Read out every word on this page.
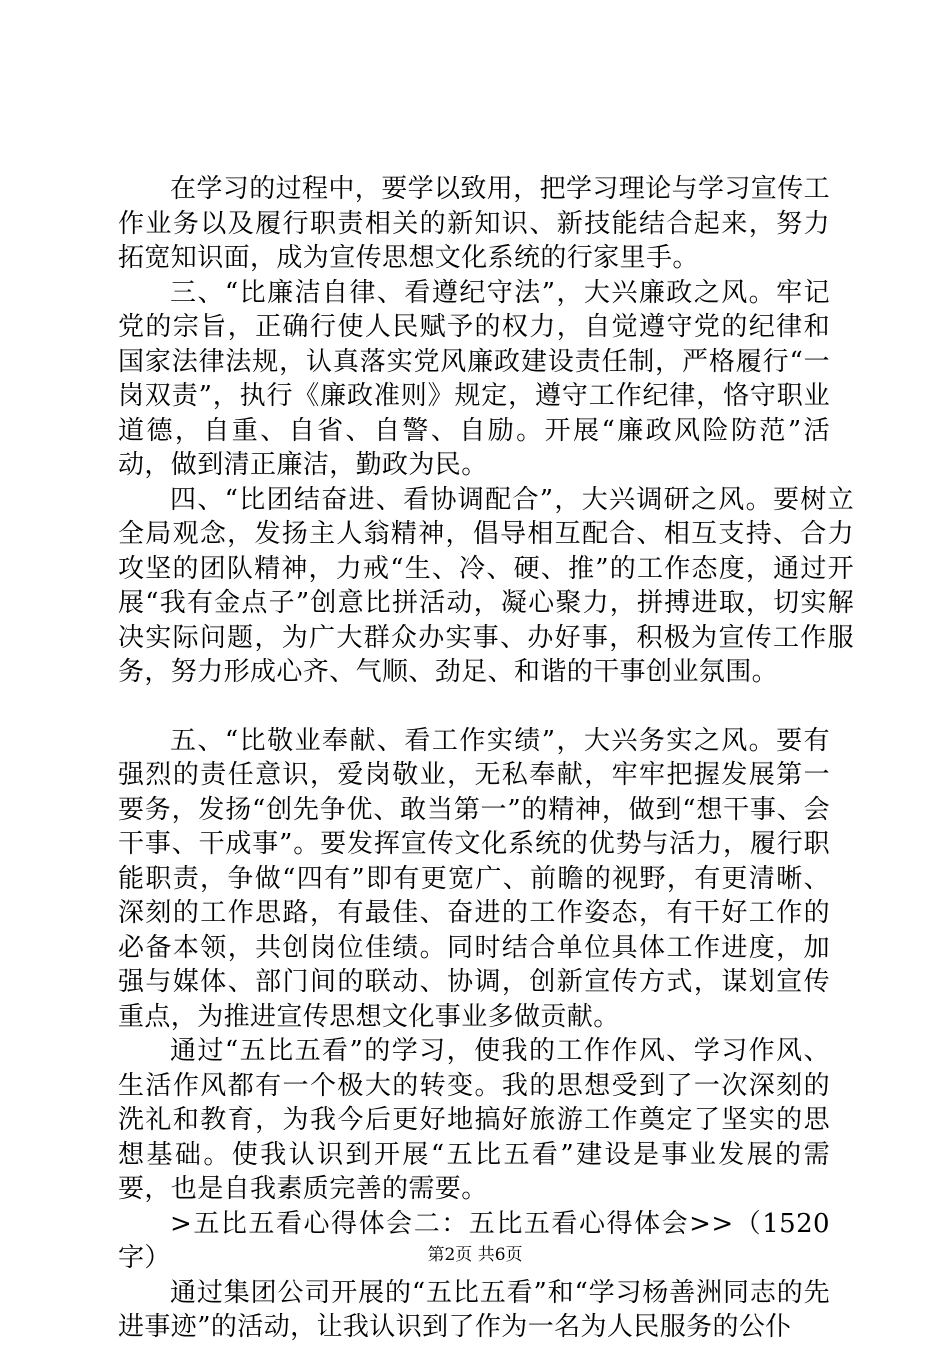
在学习的过程中，要学以致用，把学习理论与学习宣传工作业务以及履行职责相关的新知识、新技能结合起来，努力拓宽知识面，成为宣传思想文化系统的行家里手。

三、“比廉洁自律、看遵纪守法”，大兴廉政之风。牢记党的宗旨，正确行使人民赋予的权力，自觉遵守党的纪律和国家法律法规，认真落实党风廉政建设责任制，严格履行“一岗双责”，执行《廉政准则》规定，遵守工作纪律，恪守职业道德，自重、自省、自警、自励。开展“廉政风险防范”活动，做到清正廉洁，勤政为民。

四、“比团结奋进、看协调配合”，大兴调研之风。要树立全局观念，发扬主人翁精神，倡导相互配合、相互支持、合力攻坚的团队精神，力戒“生、冷、硬、推”的工作态度，通过开展“我有金点子”创意比拼活动，凝心聚力，拼搏进取，切实解决实际问题，为广大群众办实事、办好事，积极为宣传工作服务，努力形成心齐、气顺、劲足、和谐的干事创业氛围。

五、“比敬业奉献、看工作实绩”，大兴务实之风。要有强烈的责任意识，爱岗敬业，无私奉献，牢牢把握发展第一要务，发扬“创先争优、敢当第一”的精神，做到“想干事、会干事、干成事”。要发挥宣传文化系统的优势与活力，履行职能职责，争做“四有”即有更宽广、前瞻的视野，有更清晰、深刻的工作思路，有最佳、奋进的工作姿态，有干好工作的必备本领，共创岗位佳绩。同时结合单位具体工作进度，加强与媒体、部门间的联动、协调，创新宣传方式，谋划宣传重点，为推进宣传思想文化事业多做贡献。

通过“五比五看”的学习，使我的工作作风、学习作风、生活作风都有一个极大的转变。我的思想受到了一次深刻的洗礼和教育，为我今后更好地搞好旅游工作奠定了坚实的思想基础。使我认识到开展“五比五看”建设是事业发展的需要，也是自我素质完善的需要。

>五比五看心得体会二：五比五看心得体会>>（1520字）

通过集团公司开展的“五比五看”和“学习杨善洲同志的先进事迹”的活动，让我认识到了作为一名为人民服务的公仆

第2页 共6页
